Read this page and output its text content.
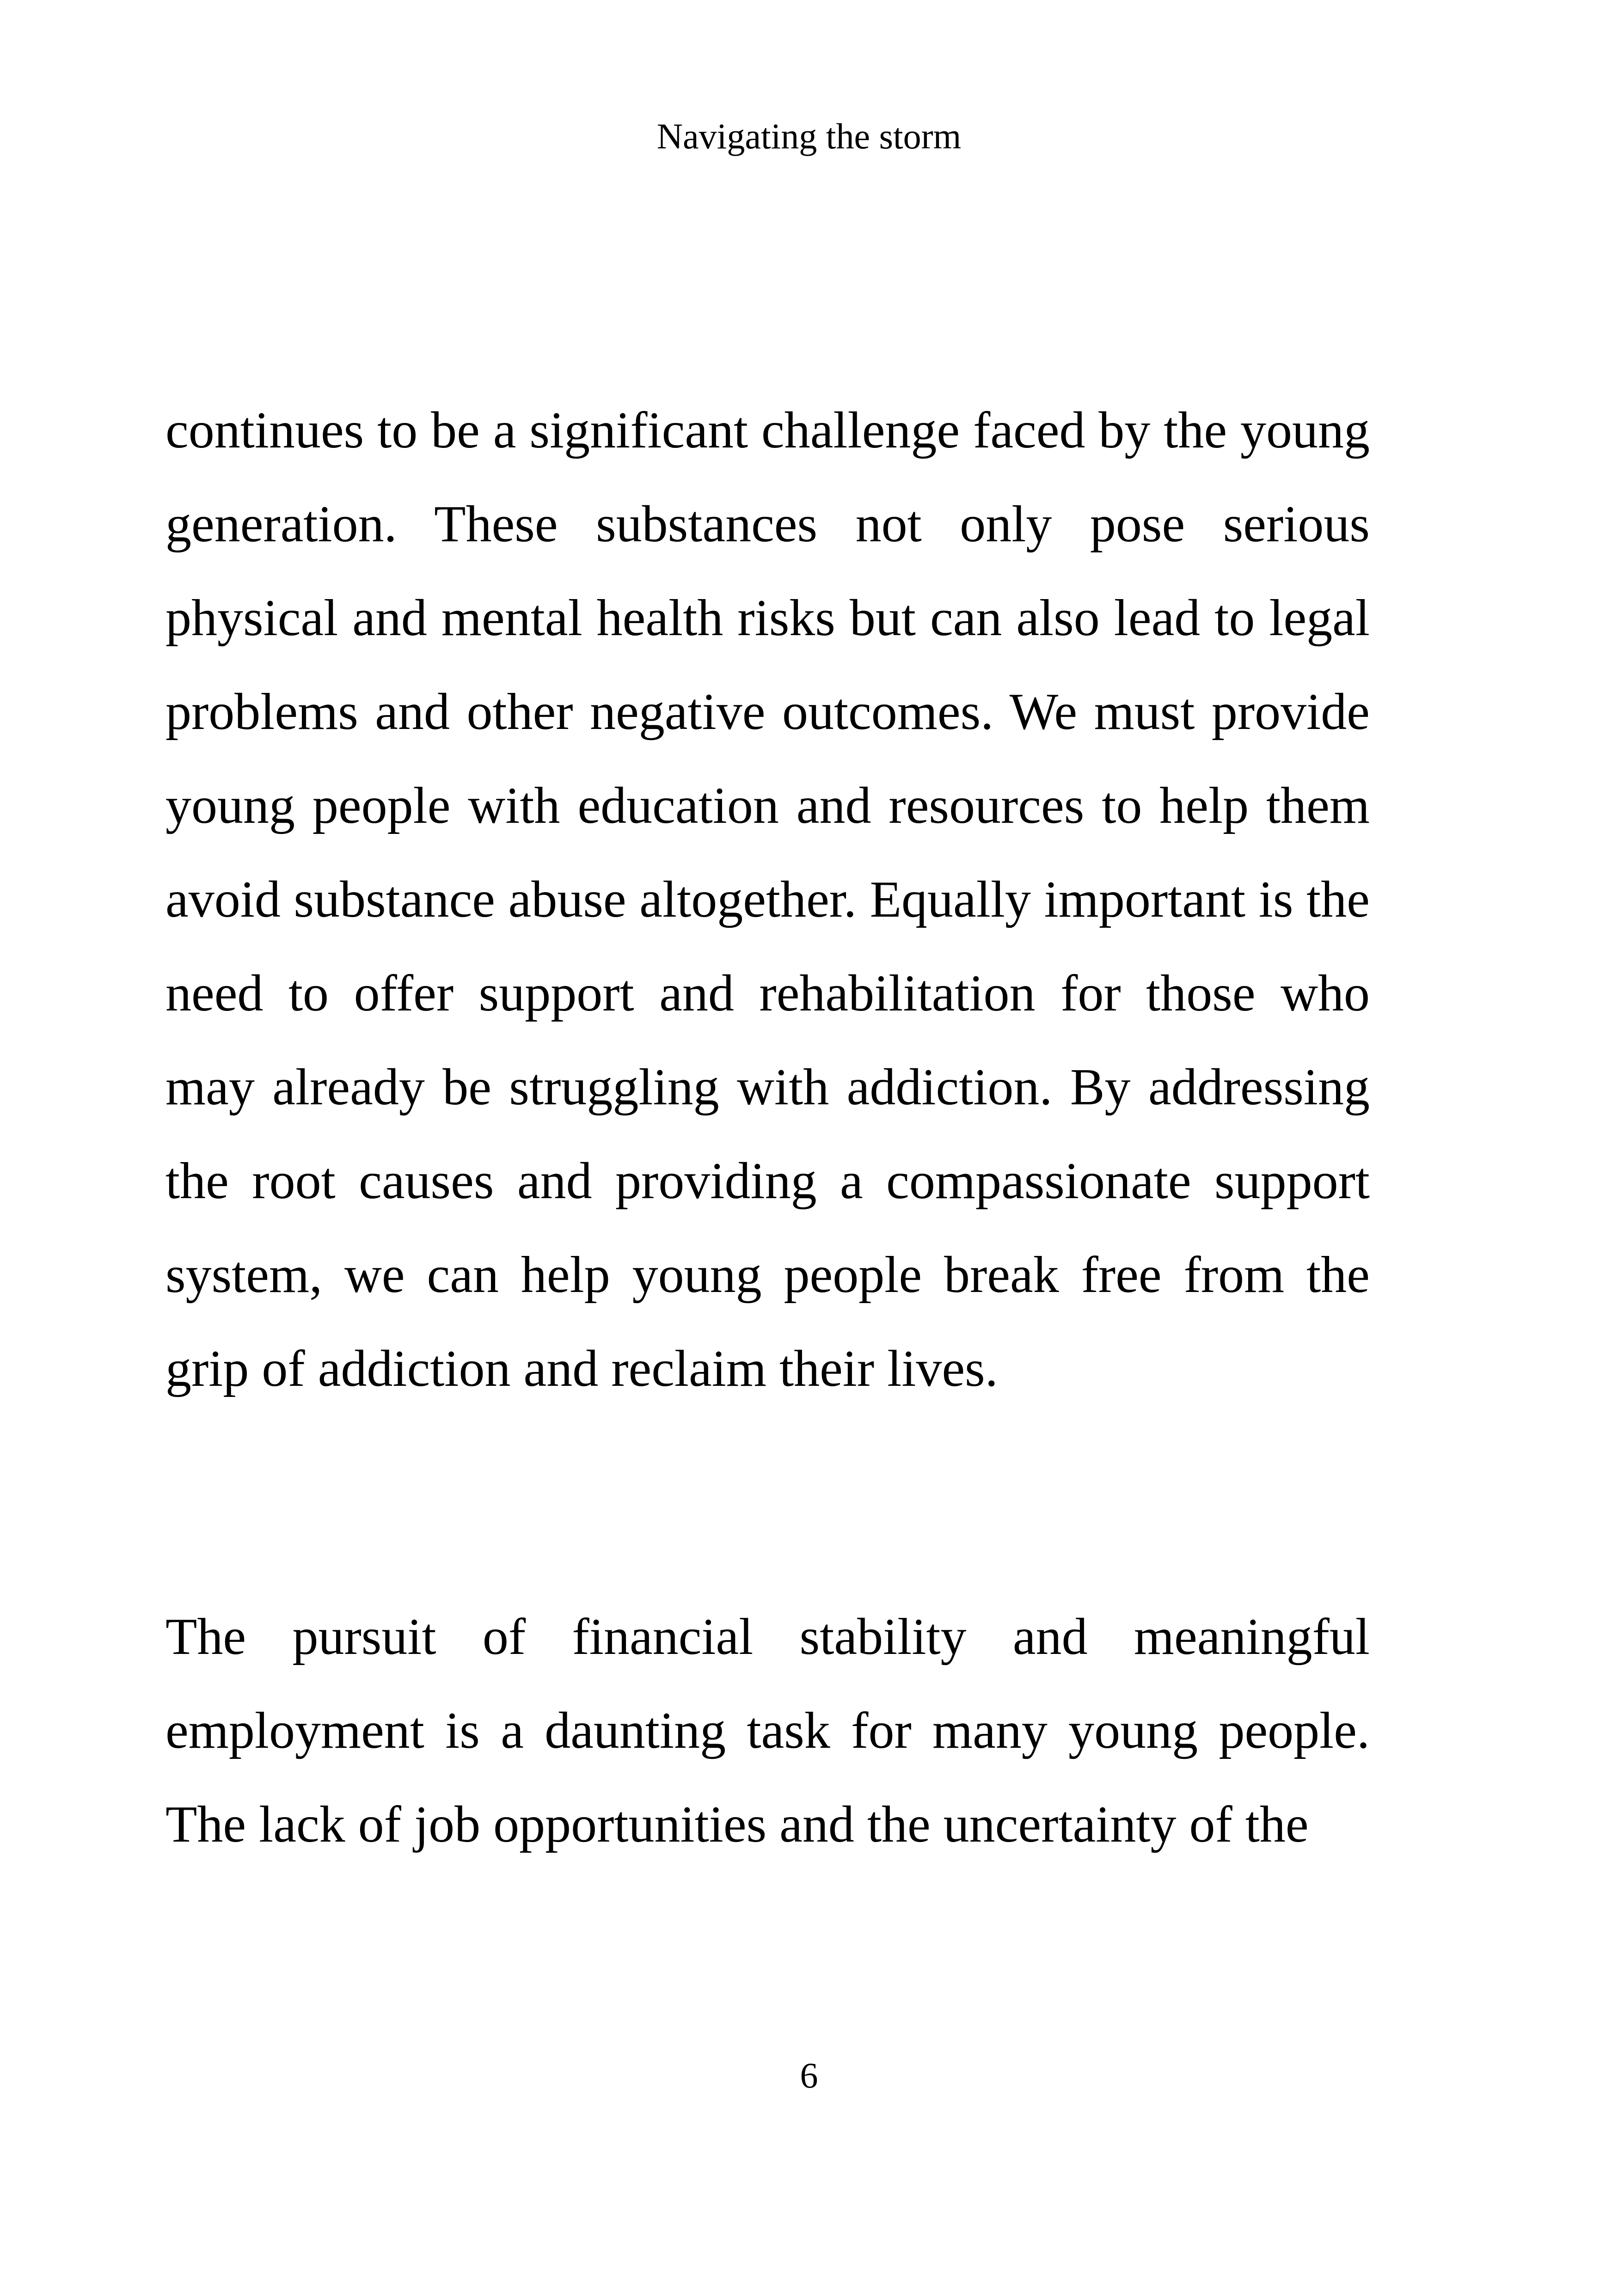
Navigating the storm

continues to be a significant challenge faced by the young generation. These substances not only pose serious physical and mental health risks but can also lead to legal problems and other negative outcomes. We must provide young people with education and resources to help them avoid substance abuse altogether. Equally important is the need to offer support and rehabilitation for those who may already be struggling with addiction. By addressing the root causes and providing a compassionate support system, we can help young people break free from the grip of addiction and reclaim their lives.

The pursuit of financial stability and meaningful employment is a daunting task for many young people. The lack of job opportunities and the uncertainty of the

6
